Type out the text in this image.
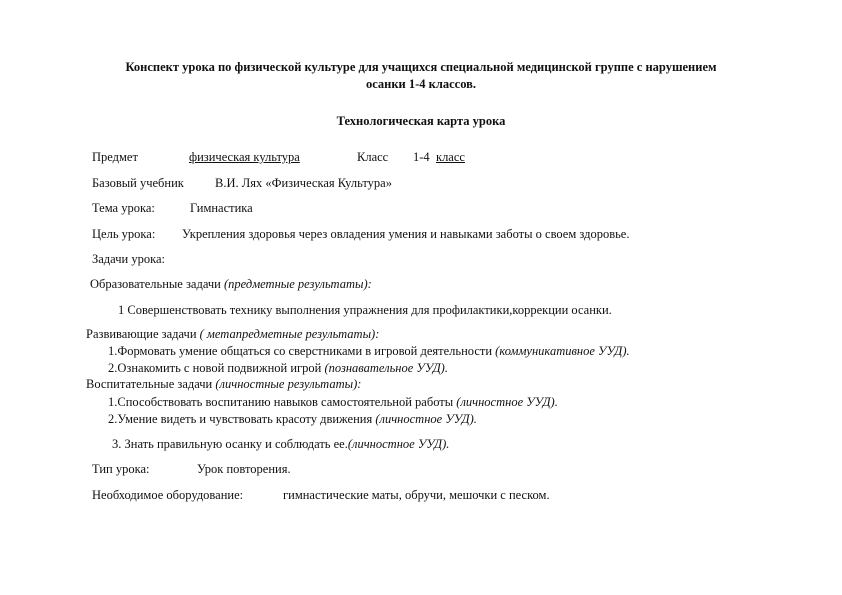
Конспект урока по физической культуре для учащихся специальной медицинской группе с нарушением
осанки 1-4 классов.
Технологическая карта урока
Предмет	физическая культура	Класс 1-4 класс
Базовый учебник В.И. Лях «Физическая Культура»
Тема урока:	Гимнастика
Цель урока: Укрепления здоровья через овладения умения и навыками заботы о своем здоровье.
Задачи урока:
Образовательные задачи (предметные результаты):
1 Совершенствовать технику выполнения упражнения для профилактики,коррекции осанки.
Развивающие задачи ( метапредметные результаты):
1.Формовать умение общаться со сверстниками в игровой деятельности (коммуникативное УУД).
2.Ознакомить с новой подвижной игрой (познавательное УУД).
Воспитательные задачи (личностные результаты):
1.Способствовать воспитанию навыков самостоятельной работы (личностное УУД).
2.Умение видеть и чувствовать красоту движения (личностное УУД).
3. Знать правильную осанку и соблюдать ее.(личностное УУД).
Тип урока:	Урок повторения.
Необходимое оборудование:	гимнастические маты, обручи, мешочки с песком.
